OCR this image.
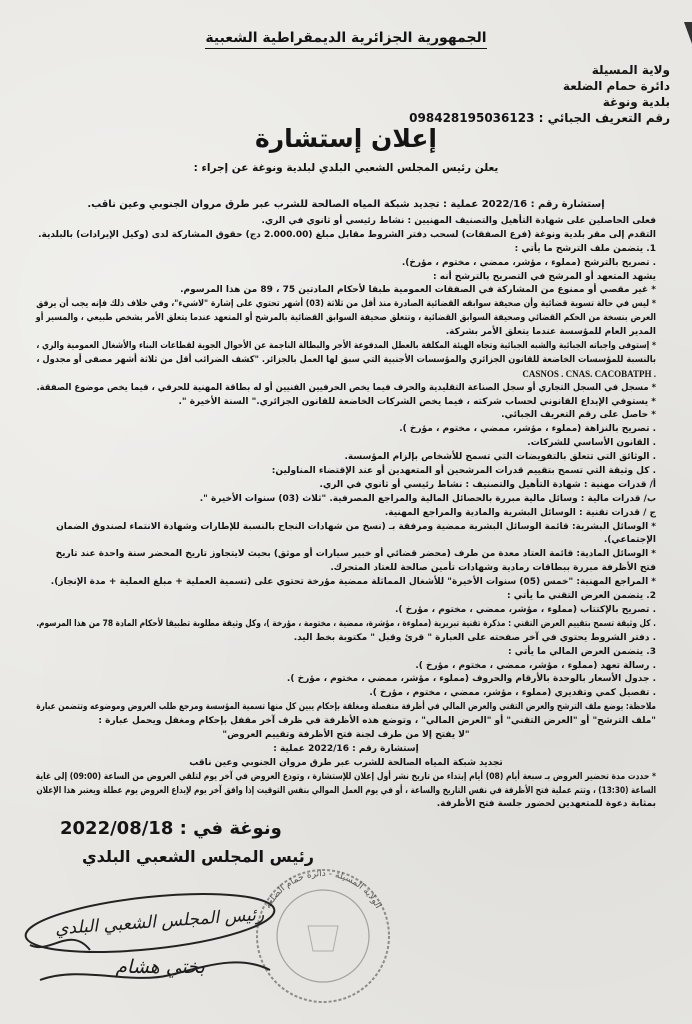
الجمهورية الجزائرية الديمقراطية الشعبية
ولاية المسيلة
دائرة حمام الضلعة
بلدية ونوغة
رقم التعريف الجبائي : 098428195036123
إعلان إستشارة
يعلن رئيس المجلس الشعبي البلدي لبلدية ونوغة عن إجراء :
إستشارة رقم : 2022/16 عملية : تجديد شبكة المياه الصالحة للشرب عبر طرق مروان الجنوبي وعين ناقب.
فعلى الحاصلين على شهادة التأهيل والتصنيف المهنيين : نشاط رئيسي أو ثانوي في الري.
التقدم إلى مقر بلدية ونوغة (فرع الصفقات) لسحب دفتر الشروط مقابل مبلغ (2.000.00 دج) حقوق المشاركة لدى (وكيل الإيرادات) بالبلدية.
1. يتضمن ملف الترشح ما يأتي :
. تصريح بالترشح (مملوء ، مؤشر، ممضي ، مختوم ، مؤرخ).
يشهد المتعهد أو المرشح في التصريح بالترشح أنه :
* غير مقصي أو ممنوع من المشاركة في الصفقات العمومية طبقا لأحكام المادتين 75 ، 89 من هذا المرسوم.
* ليس في حالة تسوية قضائية وأن صحيفة سوابقه القضائية الصادرة منذ أقل من ثلاثة (03) أشهر تحتوي على إشارة "لاشيء"، وفي خلاف ذلك فإنه يجب أن يرفق
العرض بنسخة من الحكم القضائي وصحيفة السوابق القضائية ، وتتعلق صحيفة السوابق القضائية بالمرشح أو المتعهد عندما يتعلق الأمر بشخص طبيعي ، والمسير أو
المدير العام للمؤسسة عندما يتعلق الأمر بشركة.
* إستوفى واجباته الجبائية والشبه الجبائية وتجاه الهيئة المكلفة بالعطل المدفوعة الأجر والبطالة الناجمة عن الأحوال الجوية لقطاعات البناء والأشغال العمومية والري ،
بالنسبة للمؤسسات الخاضعة للقانون الجزائري والمؤسسات الأجنبية التي سبق لها العمل بالجزائر. "كشف الضرائب أقل من ثلاثة أشهر مصفى أو مجدول ،
CASNOS . CNAS. CACOBATPH .
* مسجل في السجل التجاري أو سجل الصناعة التقليدية والحرف فيما يخص الحرفيين الفنيين أو له بطاقة المهنية للحرفي ، فيما يخص موضوع الصفقة.
* يستوفي الإيداع القانوني لحساب شركته ، فيما يخص الشركات الخاضعة للقانون الجزائري." السنة الأخيرة ".
* حاصل على رقم التعريف الجبائي.
. تصريح بالنزاهة (مملوء ، مؤشر، ممضي ، مختوم ، مؤرخ ).
. القانون الأساسي للشركات.
. الوثائق التي تتعلق بالتفويضات التي تسمح للأشخاص بإلزام المؤسسة.
. كل وثيقة التي تسمح بتقييم قدرات المرشحين أو المتعهدين أو عند الإقتضاء المناولين:
أ/ قدرات مهنية : شهادة التأهيل والتصنيف : نشاط رئيسي أو ثانوي في الري.
ب/ قدرات مالية : وسائل مالية مبررة بالحصائل المالية والمراجع المصرفية. "ثلاث (03) سنوات الأخيرة ".
ج / قدرات تقنية : الوسائل البشرية والمادية والمراجع المهنية.
* الوسائل البشرية: قائمة الوسائل البشرية ممضية ومرفقة بـ (نسخ من شهادات النجاح بالنسبة للإطارات وشهادة الانتماء لصندوق الضمان
الإجتماعي).
* الوسائل المادية: قائمة العتاد معدة من طرف (محضر قضائي أو خبير سيارات أو موثق) بحيث لايتجاوز تاريخ المحضر سنة واحدة عند تاريخ
فتح الأظرفة مبررة ببطاقات رمادية وشهادات تأمين صالحة للعتاد المتحرك.
* المراجع المهنية: "خمس (05) سنوات الأخيرة" للأشغال المماثلة ممضية مؤرخة تحتوي على (تسمية العملية + مبلغ العملية + مدة الإنجاز).
2. يتضمن العرض التقني ما يأتي :
. تصريح بالإكتتاب (مملوء ، مؤشر، ممضي ، مختوم ، مؤرخ ).
. كل وثيقة تسمح بتقييم العرض التقني : مذكرة تقنية تبريرية (مملوءة ، مؤشرة، ممضية ، مختومة ، مؤرخة )، وكل وثيقة مطلوبة تطبيقا لأحكام المادة 78 من هذا المرسوم.
. دفتر الشروط يحتوي في آخر صفحته على العبارة " قرئ وقبل " مكتوبة بخط اليد.
3. يتضمن العرض المالي ما يأتي :
. رسالة تعهد (مملوء ، مؤشر، ممضي ، مختوم ، مؤرخ ).
. جدول الأسعار بالوحدة بالأرقام والحروف (مملوء ، مؤشر، ممضي ، مختوم ، مؤرخ ).
. تفصيل كمي وتقديري (مملوء ، مؤشر، ممضي ، مختوم ، مؤرخ ).
ملاحظة: يوضع ملف الترشح والعرض التقني والعرض المالي في أظرفة منفصلة ومغلقة بإحكام يبين كل منها تسمية المؤسسة ومرجع طلب العروض وموضوعه وتتضمن عبارة
"ملف الترشح" أو "العرض التقني" أو "العرض المالي" ، وتوضع هذه الأظرفة في ظرف آخر مقفل بإحكام ومغفل ويحمل عبارة :
"لا يفتح إلا من طرف لجنة فتح الأظرفة وتقييم العروض"
إستشارة رقم : 2022/16 عملية :
تجديد شبكة المياه الصالحة للشرب عبر طرق مروان الجنوبي وعين ناقب
* حددت مدة تحضير العروض بـ سبعة أيام (08) أيام إبتداء من تاريخ نشر أول إعلان للإستشارة ، وتودع العروض في آخر يوم لتلقي العروض من الساعة (09:00) إلى غاية
الساعة (13:30) ، وتتم عملية فتح الأظرفة في نفس التاريخ والساعة ، أو في يوم العمل الموالي بنفس التوقيت إذا وافق آخر يوم لإيداع العروض يوم عطلة ويعتبر هذا الإعلان
بمثابة دعوة للمتعهدين لحضور جلسة فتح الأظرفة.
ونوغة في : 2022/08/18
رئيس المجلس الشعبي البلدي
الولاية المسيلة - دائرة حمام الضلعة
رئيس المجلس الشعبي البلدي
بختي هشام
